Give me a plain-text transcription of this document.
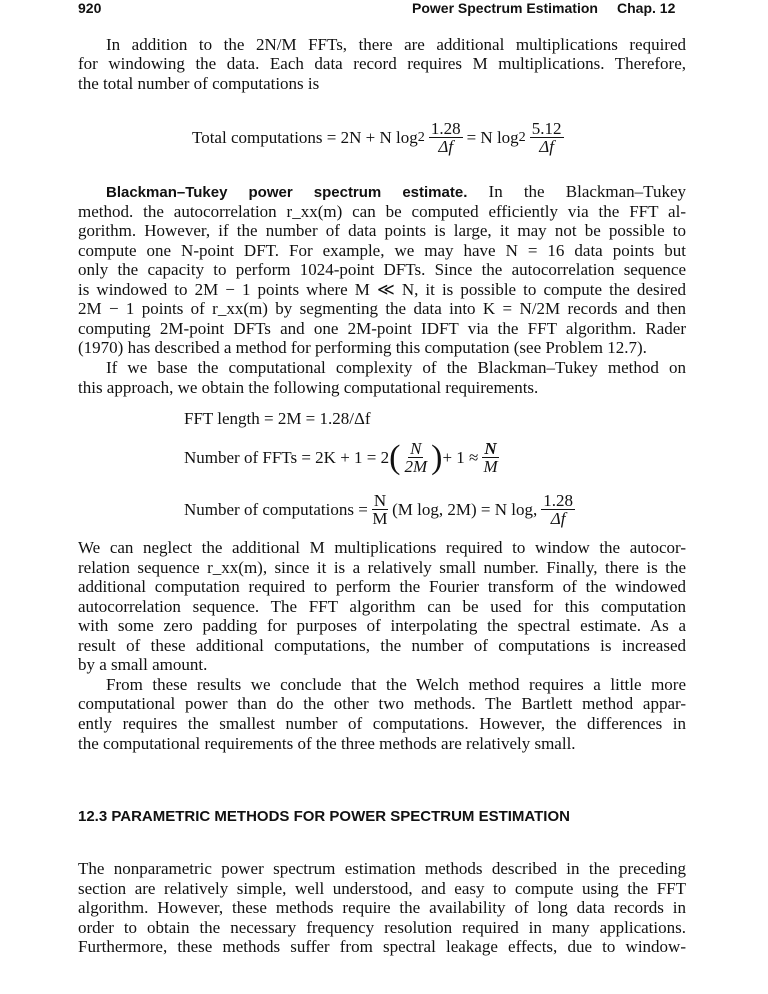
920	Power Spectrum Estimation Chap. 12
Total computations = 2N + N $\log 2 \frac{1.28}{\Delta f} = N$ $\log 2 \frac{5.12}{\Delta f}$
FFT length = 2M = 1.28/Δf
Number of FFTs = 2K + 1 = 2 ( $\frac{N}{2M}$ ) + $1 \approx \frac{N}{M}$
Number of computations = $\frac{N}{M} (M$ log, 2M) = N log, $\frac{1.28}{\Delta f}$
12.3 PARAMETRIC METHODS FOR POWER SPECTRUM ESTIMATION
In addition to the 2N/M FFTs, there are additional multiplications required
for windowing the data. Each data record requires M multiplications. Therefore,
the total number of computations is
Blackman–Tukey power spectrum estimate. In the Blackman–Tukey
method. the autocorrelation r_xx(m) can be computed efficiently via the FFT al-
gorithm. However, if the number of data points is large, it may not be possible to
compute one N-point DFT. For example, we may have N = 16 data points but
only the capacity to perform 1024-point DFTs. Since the autocorrelation sequence
is windowed to 2M − 1 points where M ≪ N, it is possible to compute the desired
2M − 1 points of r_xx(m) by segmenting the data into K = N/2M records and then
computing 2M-point DFTs and one 2M-point IDFT via the FFT algorithm. Rader
(1970) has described a method for performing this computation (see Problem 12.7).
If we base the computational complexity of the Blackman–Tukey method on
this approach, we obtain the following computational requirements.
We can neglect the additional M multiplications required to window the autocor-
relation sequence r_xx(m), since it is a relatively small number. Finally, there is the
additional computation required to perform the Fourier transform of the windowed
autocorrelation sequence. The FFT algorithm can be used for this computation
with some zero padding for purposes of interpolating the spectral estimate. As a
result of these additional computations, the number of computations is increased
by a small amount.
From these results we conclude that the Welch method requires a little more
computational power than do the other two methods. The Bartlett method appar-
ently requires the smallest number of computations. However, the differences in
the computational requirements of the three methods are relatively small.
The nonparametric power spectrum estimation methods described in the preceding
section are relatively simple, well understood, and easy to compute using the FFT
algorithm. However, these methods require the availability of long data records in
order to obtain the necessary frequency resolution required in many applications.
Furthermore, these methods suffer from spectral leakage effects, due to window-
